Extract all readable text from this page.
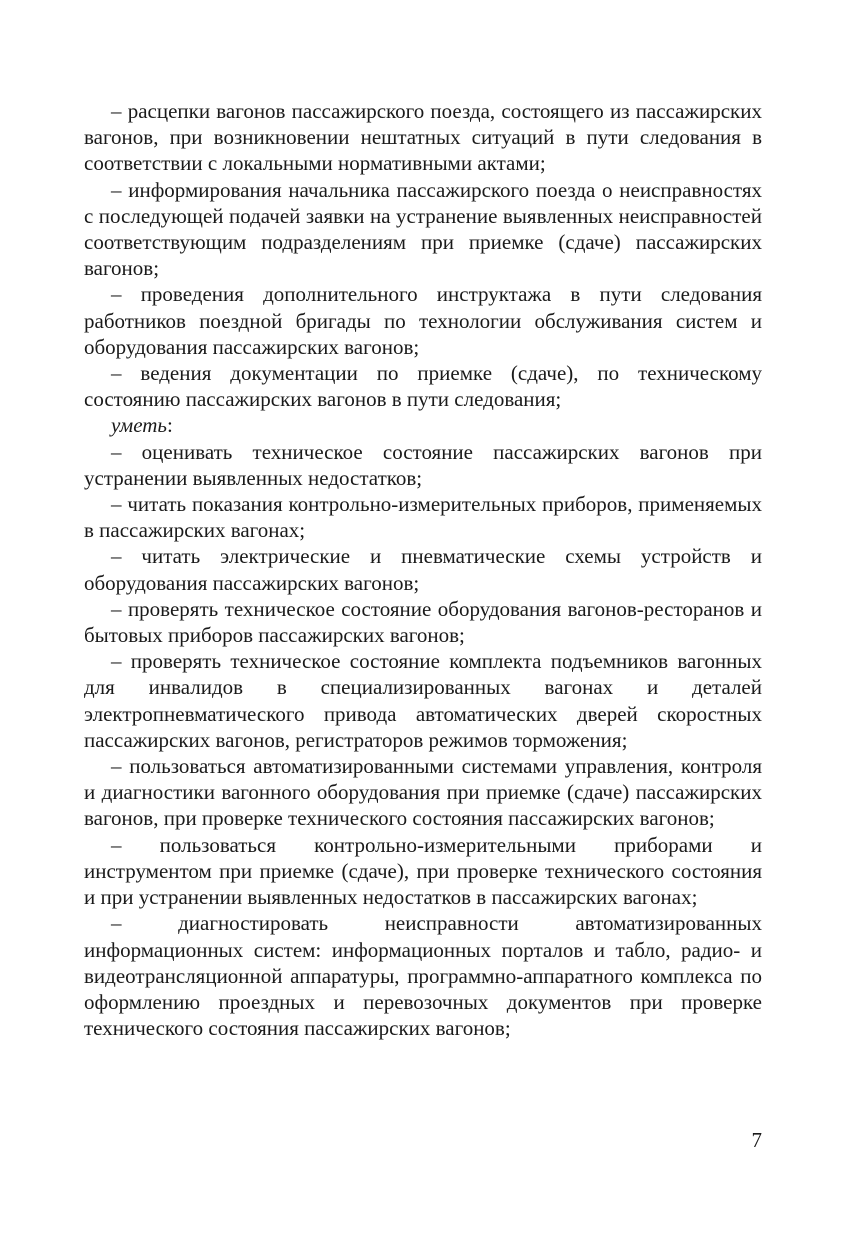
– расцепки вагонов пассажирского поезда, состоящего из пассажирских вагонов, при возникновении нештатных ситуаций в пути следования в соответствии с локальными нормативными актами;

– информирования начальника пассажирского поезда о неисправностях с последующей подачей заявки на устранение выявленных неисправностей соответствующим подразделениям при приемке (сдаче) пассажирских вагонов;

– проведения дополнительного инструктажа в пути следования работников поездной бригады по технологии обслуживания систем и оборудования пассажирских вагонов;

– ведения документации по приемке (сдаче), по техническому состоянию пассажирских вагонов в пути следования;

уметь:

– оценивать техническое состояние пассажирских вагонов при устранении выявленных недостатков;

– читать показания контрольно-измерительных приборов, применяемых в пассажирских вагонах;

– читать электрические и пневматические схемы устройств и оборудования пассажирских вагонов;

– проверять техническое состояние оборудования вагонов-ресторанов и бытовых приборов пассажирских вагонов;

– проверять техническое состояние комплекта подъемников вагонных для инвалидов в специализированных вагонах и деталей электропневматического привода автоматических дверей скоростных пассажирских вагонов, регистраторов режимов торможения;

– пользоваться автоматизированными системами управления, контроля и диагностики вагонного оборудования при приемке (сдаче) пассажирских вагонов, при проверке технического состояния пассажирских вагонов;

– пользоваться контрольно-измерительными приборами и инструментом при приемке (сдаче), при проверке технического состояния и при устранении выявленных недостатков в пассажирских вагонах;

– диагностировать неисправности автоматизированных информационных систем: информационных порталов и табло, радио- и видеотрансляционной аппаратуры, программно-аппаратного комплекса по оформлению проездных и перевозочных документов при проверке технического состояния пассажирских вагонов;

7
